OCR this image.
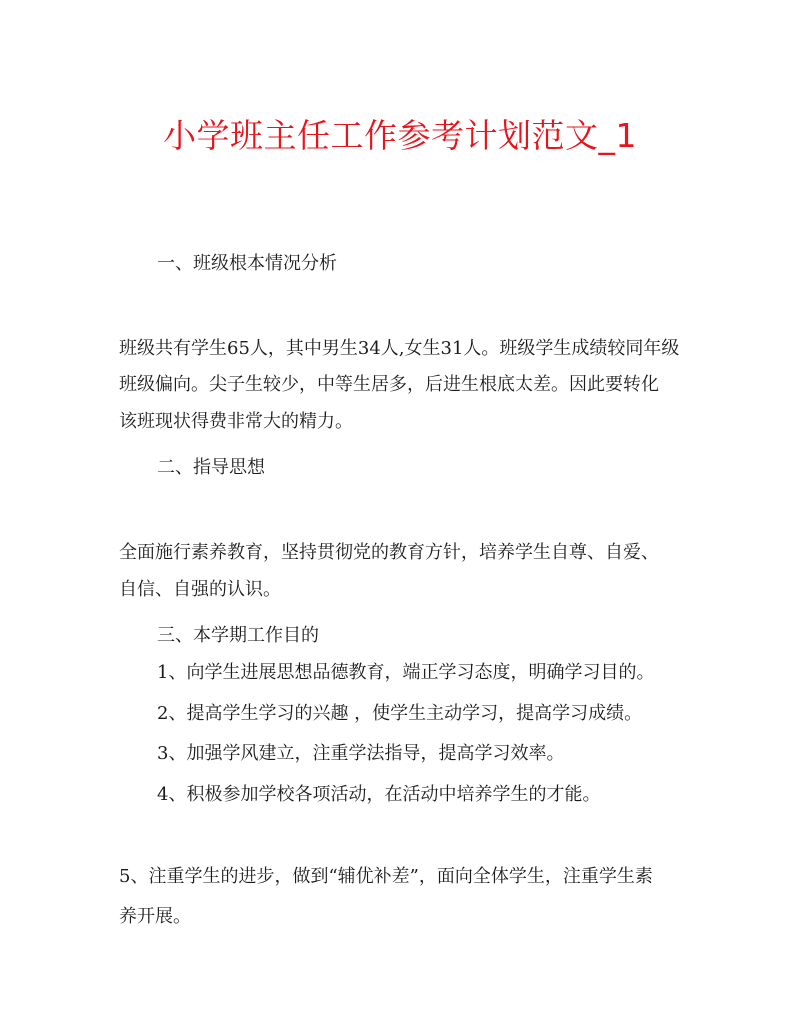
小学班主任工作参考计划范文_1

一、班级根本情况分析

班级共有学生65人，其中男生34人,女生31人。班级学生成绩较同年级

班级偏向。尖子生较少，中等生居多，后进生根底太差。因此要转化

该班现状得费非常大的精力。

二、指导思想

全面施行素养教育，坚持贯彻党的教育方针，培养学生自尊、自爱、

自信、自强的认识。

三、本学期工作目的

1、向学生进展思想品德教育，端正学习态度，明确学习目的。

2、提高学生学习的兴趣 ，使学生主动学习，提高学习成绩。

3、加强学风建立，注重学法指导，提高学习效率。

4、积极参加学校各项活动，在活动中培养学生的才能。

5、注重学生的进步，做到“辅优补差”，面向全体学生，注重学生素

养开展。
